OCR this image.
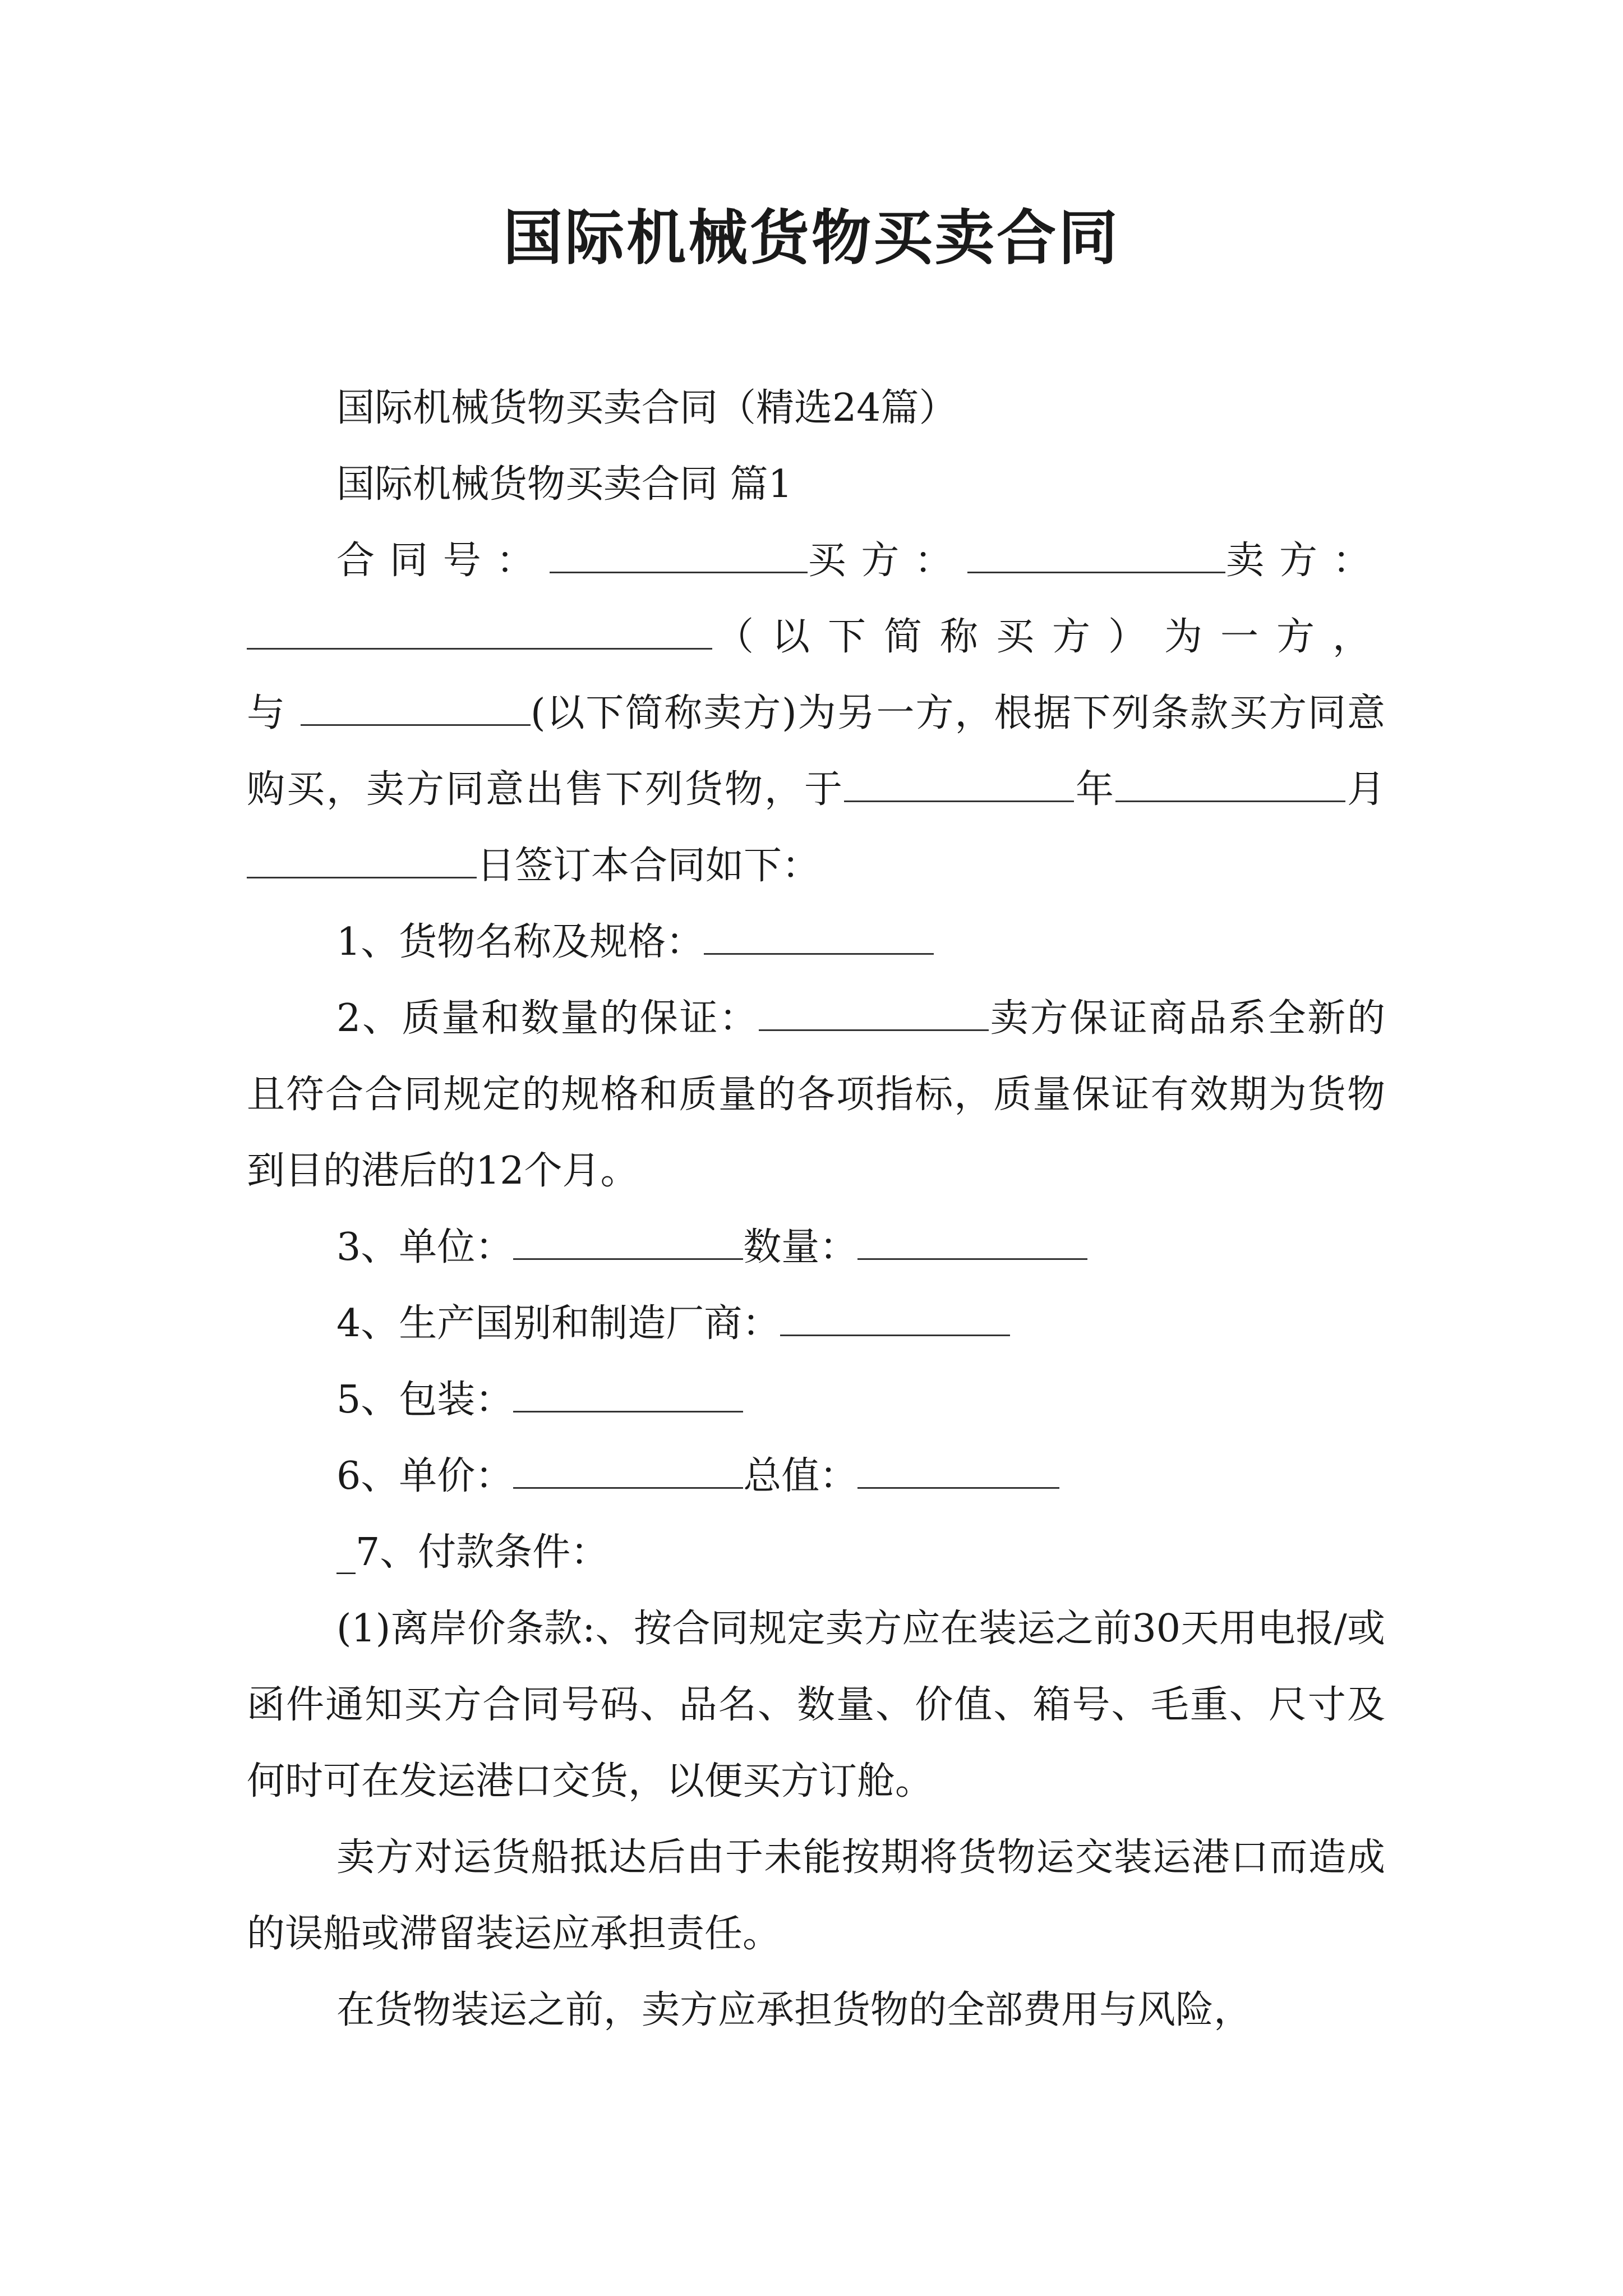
国际机械货物买卖合同

国际机械货物买卖合同（精选24篇）

国际机械货物买卖合同 篇1

合同号：	买方：	卖方：（以下简称买方）为一方，与	(以下简称卖方)为另一方，根据下列条款买方同意购买，卖方同意出售下列货物，于	年	月日签订本合同如下：

1、货物名称及规格：

2、质量和数量的保证：	卖方保证商品系全新的且符合合同规定的规格和质量的各项指标，质量保证有效期为货物到目的港后的12个月。

3、单位：	数量：

4、生产国别和制造厂商：

5、包装：

6、单价：	总值：

_7、付款条件：

(1)离岸价条款:、按合同规定卖方应在装运之前30天用电报/或函件通知买方合同号码、品名、数量、价值、箱号、毛重、尺寸及何时可在发运港口交货，以便买方订舱。

卖方对运货船抵达后由于未能按期将货物运交装运港口而造成的误船或滞留装运应承担责任。

在货物装运之前，卖方应承担货物的全部费用与风险，
